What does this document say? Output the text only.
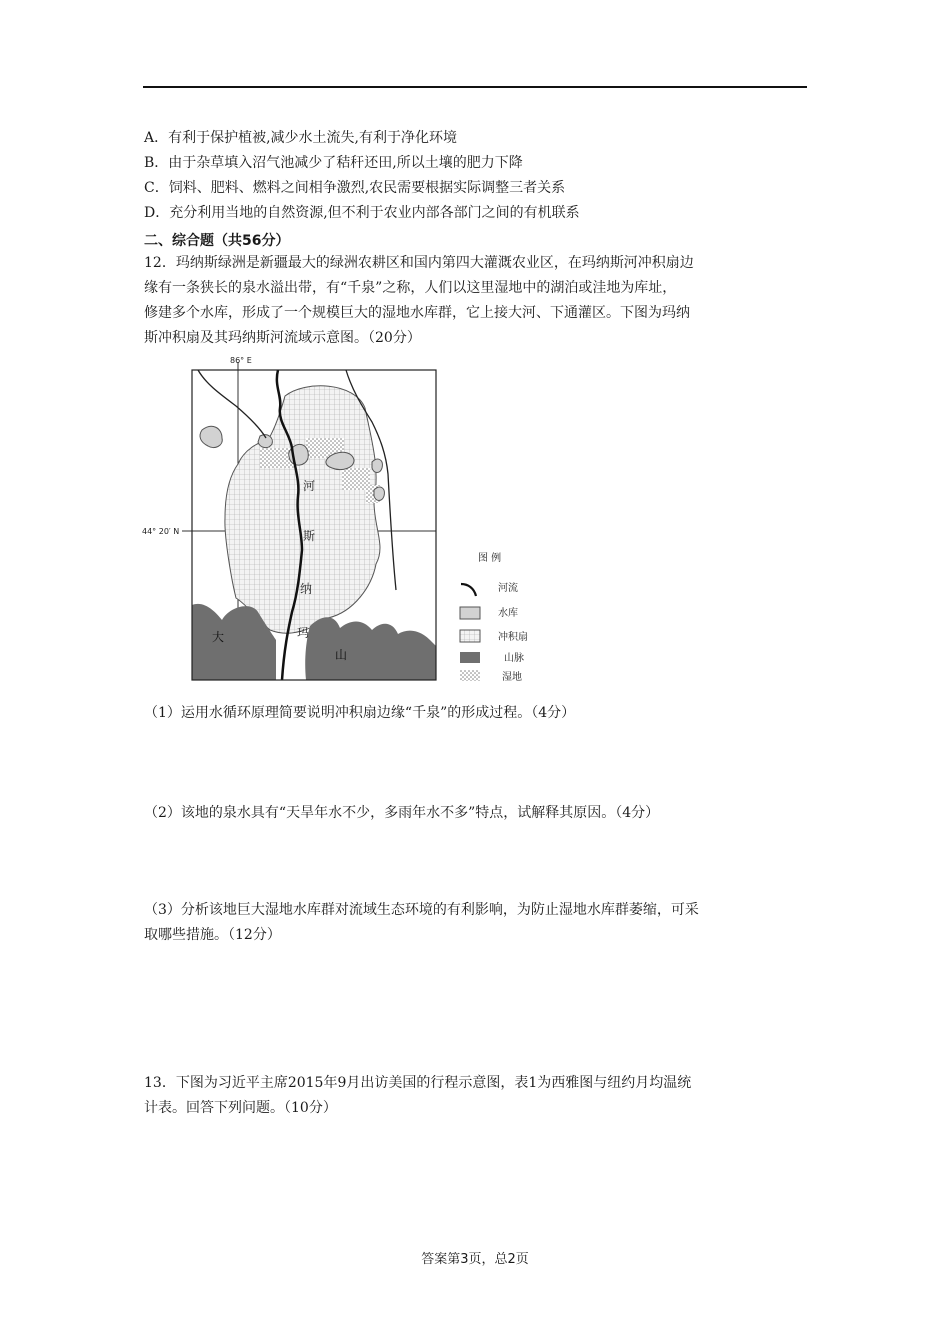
A．有利于保护植被,减少水土流失,有利于净化环境
B．由于杂草填入沼气池减少了秸秆还田,所以土壤的肥力下降
C．饲料、肥料、燃料之间相争激烈,农民需要根据实际调整三者关系
D．充分利用当地的自然资源,但不利于农业内部各部门之间的有机联系
二、综合题（共56分）
12．玛纳斯绿洲是新疆最大的绿洲农耕区和国内第四大灌溉农业区，在玛纳斯河冲积扇边
缘有一条狭长的泉水溢出带，有“千泉”之称，人们以这里湿地中的湖泊或洼地为库址，
修建多个水库，形成了一个规模巨大的湿地水库群，它上接大河、下通灌区。下图为玛纳
斯冲积扇及其玛纳斯河流域示意图。（20分）
86° E
44° 20′ N
河
斯
纳
玛
大
山
图 例
河流
水库
冲积扇
山脉
湿地
（1）运用水循环原理简要说明冲积扇边缘“千泉”的形成过程。（4分）
（2）该地的泉水具有“天旱年水不少，多雨年水不多”特点，试解释其原因。（4分）
（3）分析该地巨大湿地水库群对流域生态环境的有利影响，为防止湿地水库群萎缩，可采
取哪些措施。（12分）
13．下图为习近平主席2015年9月出访美国的行程示意图，表1为西雅图与纽约月均温统
计表。回答下列问题。（10分）
答案第3页，总2页
